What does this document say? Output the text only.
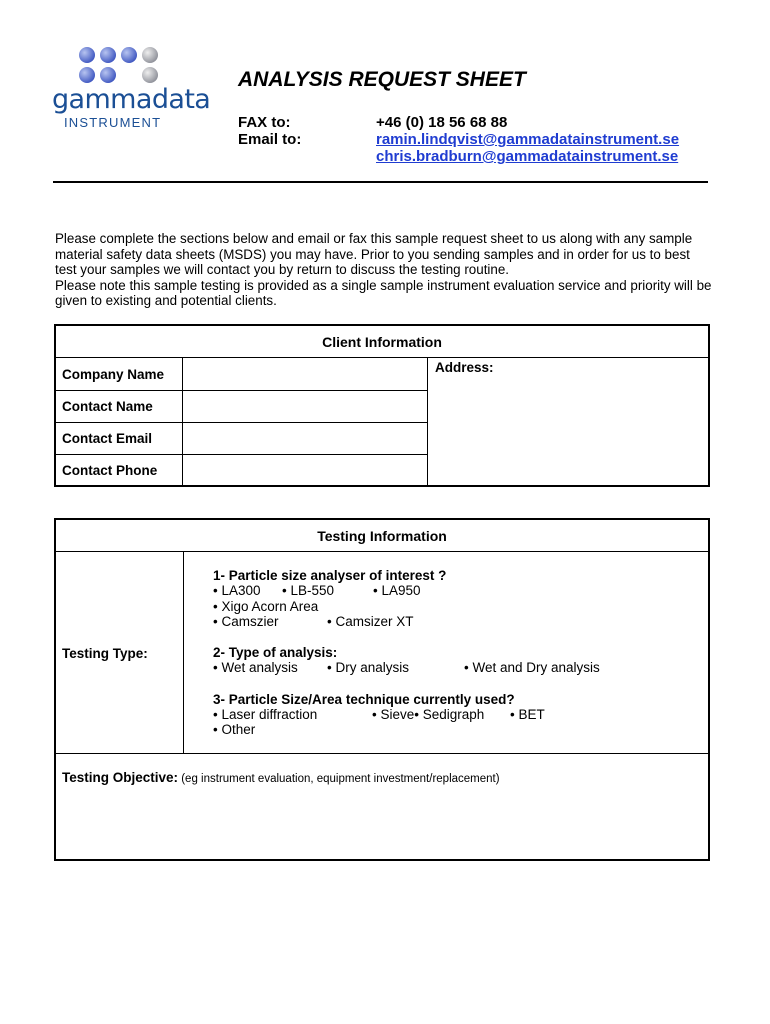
gammadata
INSTRUMENT
ANALYSIS REQUEST SHEET
FAX to:	+46 (0) 18 56 68 88
Email to:	ramin.lindqvist@gammadatainstrument.se
chris.bradburn@gammadatainstrument.se

Please complete the sections below and email or fax this sample request sheet to us along with any sample material safety data sheets (MSDS) you may have. Prior to you sending samples and in order for us to best test your samples we will contact you by return to discuss the testing routine.

Please note this sample testing is provided as a single sample instrument evaluation service and priority will be given to existing and potential clients.

Client Information
Company Name
Contact Name
Contact Email
Contact Phone
Address:
Testing Information
Testing Type:
1- Particle size analyser of interest ?
• LA300 • LB-550	• LA950
• Xigo Acorn Area
• Camszier	• Camsizer XT
2- Type of analysis:
• Wet analysis • Dry analysis	• Wet and Dry analysis
3- Particle Size/Area technique currently used?
• Laser diffraction	• Sieve• Sedigraph • BET
• Other
Testing Objective: (eg instrument evaluation, equipment investment/replacement)
